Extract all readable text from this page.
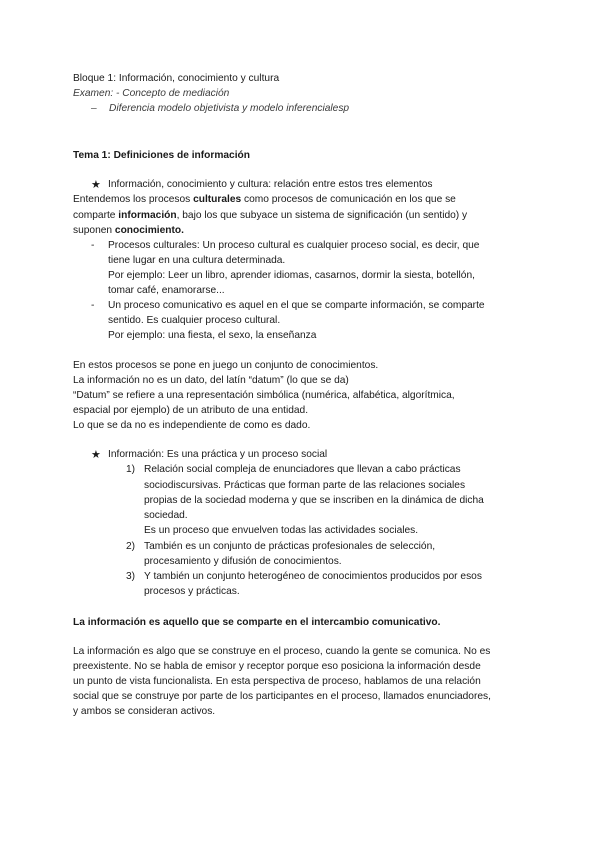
Bloque 1: Información, conocimiento y cultura
Examen: - Concepto de mediación
– Diferencia modelo objetivista y modelo inferencialesp
Tema 1: Definiciones de información
★ Información, conocimiento y cultura: relación entre estos tres elementos
Entendemos los procesos culturales como procesos de comunicación en los que se
comparte información, bajo los que subyace un sistema de significación (un sentido) y
suponen conocimiento.
- Procesos culturales: Un proceso cultural es cualquier proceso social, es decir, que
tiene lugar en una cultura determinada.
Por ejemplo: Leer un libro, aprender idiomas, casarnos, dormir la siesta, botellón,
tomar café, enamorarse...
- Un proceso comunicativo es aquel en el que se comparte información, se comparte
sentido. Es cualquier proceso cultural.
Por ejemplo: una fiesta, el sexo, la enseñanza
En estos procesos se pone en juego un conjunto de conocimientos.
La información no es un dato, del latín “datum” (lo que se da)
“Datum” se refiere a una representación simbólica (numérica, alfabética, algorítmica,
espacial por ejemplo) de un atributo de una entidad.
Lo que se da no es independiente de como es dado.
★ Información: Es una práctica y un proceso social
1) Relación social compleja de enunciadores que llevan a cabo prácticas
sociodiscursivas. Prácticas que forman parte de las relaciones sociales
propias de la sociedad moderna y que se inscriben en la dinámica de dicha
sociedad.
Es un proceso que envuelven todas las actividades sociales.
2) También es un conjunto de prácticas profesionales de selección,
procesamiento y difusión de conocimientos.
3) Y también un conjunto heterogéneo de conocimientos producidos por esos
procesos y prácticas.
La información es aquello que se comparte en el intercambio comunicativo.
La información es algo que se construye en el proceso, cuando la gente se comunica. No es
preexistente. No se habla de emisor y receptor porque eso posiciona la información desde
un punto de vista funcionalista. En esta perspectiva de proceso, hablamos de una relación
social que se construye por parte de los participantes en el proceso, llamados enunciadores,
y ambos se consideran activos.
